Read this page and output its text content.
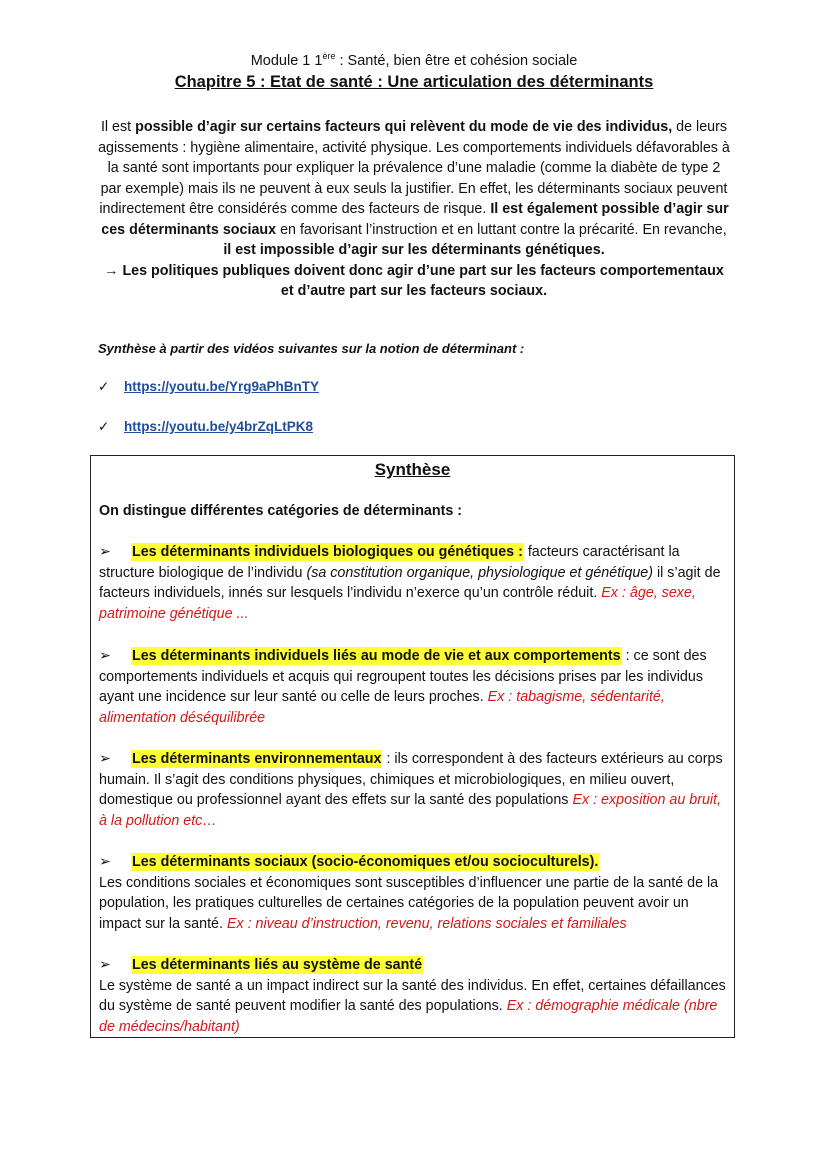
Module 1 1ère : Santé, bien être et cohésion sociale
Chapitre 5 : Etat de santé : Une articulation des déterminants

Il est possible d’agir sur certains facteurs qui relèvent du mode de vie des individus, de leurs agissements : hygiène alimentaire, activité physique. Les comportements individuels défavorables à la santé sont importants pour expliquer la prévalence d’une maladie (comme la diabète de type 2 par exemple) mais ils ne peuvent à eux seuls la justifier. En effet, les déterminants sociaux peuvent indirectement être considérés comme des facteurs de risque. Il est également possible d’agir sur ces déterminants sociaux en favorisant l’instruction et en luttant contre la précarité. En revanche, il est impossible d’agir sur les déterminants génétiques.

→ Les politiques publiques doivent donc agir d’une part sur les facteurs comportementaux et d’autre part sur les facteurs sociaux.

Synthèse à partir des vidéos suivantes sur la notion de déterminant :
✓ https://youtu.be/Yrg9aPhBnTY
✓ https://youtu.be/y4brZqLtPK8
Synthèse
On distingue différentes catégories de déterminants :
➢ Les déterminants individuels biologiques ou génétiques : facteurs caractérisant la structure biologique de l’individu (sa constitution organique, physiologique et génétique) il s’agit de facteurs individuels, innés sur lesquels l’individu n’exerce qu’un contrôle réduit. Ex : âge, sexe, patrimoine génétique ...
➢ Les déterminants individuels liés au mode de vie et aux comportements : ce sont des comportements individuels et acquis qui regroupent toutes les décisions prises par les individus ayant une incidence sur leur santé ou celle de leurs proches. Ex : tabagisme, sédentarité, alimentation déséquilibrée
➢ Les déterminants environnementaux : ils correspondent à des facteurs extérieurs au corps humain. Il s’agit des conditions physiques, chimiques et microbiologiques, en milieu ouvert, domestique ou professionnel ayant des effets sur la santé des populations Ex : exposition au bruit, à la pollution etc…
➢ Les déterminants sociaux (socio-économiques et/ou socioculturels).
Les conditions sociales et économiques sont susceptibles d’influencer une partie de la santé de la population, les pratiques culturelles de certaines catégories de la population peuvent avoir un impact sur la santé. Ex : niveau d’instruction, revenu, relations sociales et familiales
➢ Les déterminants liés au système de santé
Le système de santé a un impact indirect sur la santé des individus. En effet, certaines défaillances du système de santé peuvent modifier la santé des populations. Ex : démographie médicale (nbre de médecins/habitant)
